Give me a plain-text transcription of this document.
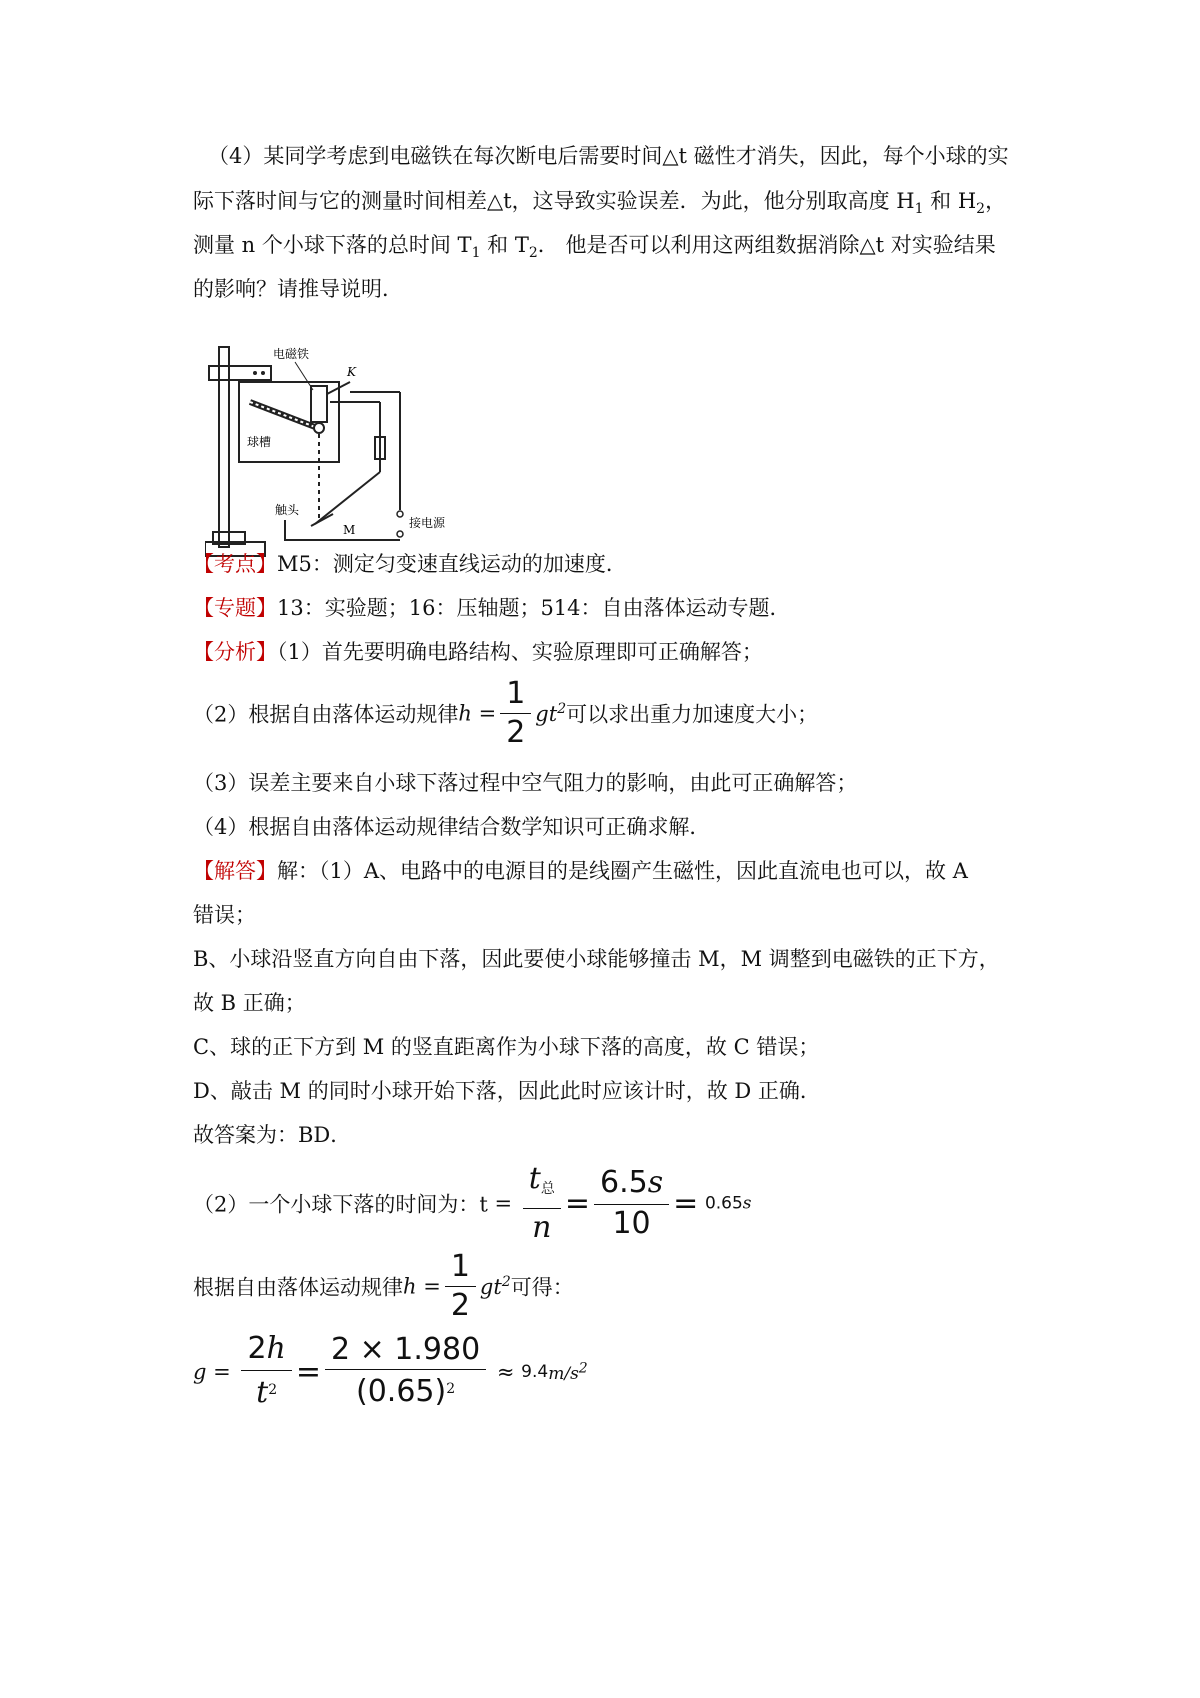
（4）某同学考虑到电磁铁在每次断电后需要时间△t 磁性才消失，因此，每个小球的实
际下落时间与它的测量时间相差△t，这导致实验误差．为此，他分别取高度 $H_1$ 和 $H_2$，
测量 n 个小球下落的总时间 $T_1$ 和 $T_2$． 他是否可以利用这两组数据消除△t 对实验结果
的影响？请推导说明．
电磁铁
K
球槽
触头
M	接电源
【考点】M5：测定匀变速直线运动的加速度．
【专题】13：实验题；16：压轴题；514：自由落体运动专题．
【分析】（1）首先要明确电路结构、实验原理即可正确解答；
（2）根据自由落体运动规律$h = \frac{1}{2} gt^2$可以求出重力加速度大小；
（3）误差主要来自小球下落过程中空气阻力的影响，由此可正确解答；
（4）根据自由落体运动规律结合数学知识可正确求解．
【解答】解：（1）A、电路中的电源目的是线圈产生磁性，因此直流电也可以，故 A
错误；
B、小球沿竖直方向自由下落，因此要使小球能够撞击 M，M 调整到电磁铁的正下方，
故 B 正确；
C、球的正下方到 M 的竖直距离作为小球下落的高度，故 C 错误；
D、敲击 M 的同时小球开始下落，因此此时应该计时，故 D 正确．
故答案为：BD．
（2）一个小球下落的时间为：$t = \frac{t_总}{n} = \frac{6.5s}{10} = 0.65s$
根据自由落体运动规律$h = \frac{1}{2} gt^2$可得：
$g = \frac{2h}{t^2} = \frac{2 \times 1.980}{(0.65)^2} \approx 9.4m/s^2$
